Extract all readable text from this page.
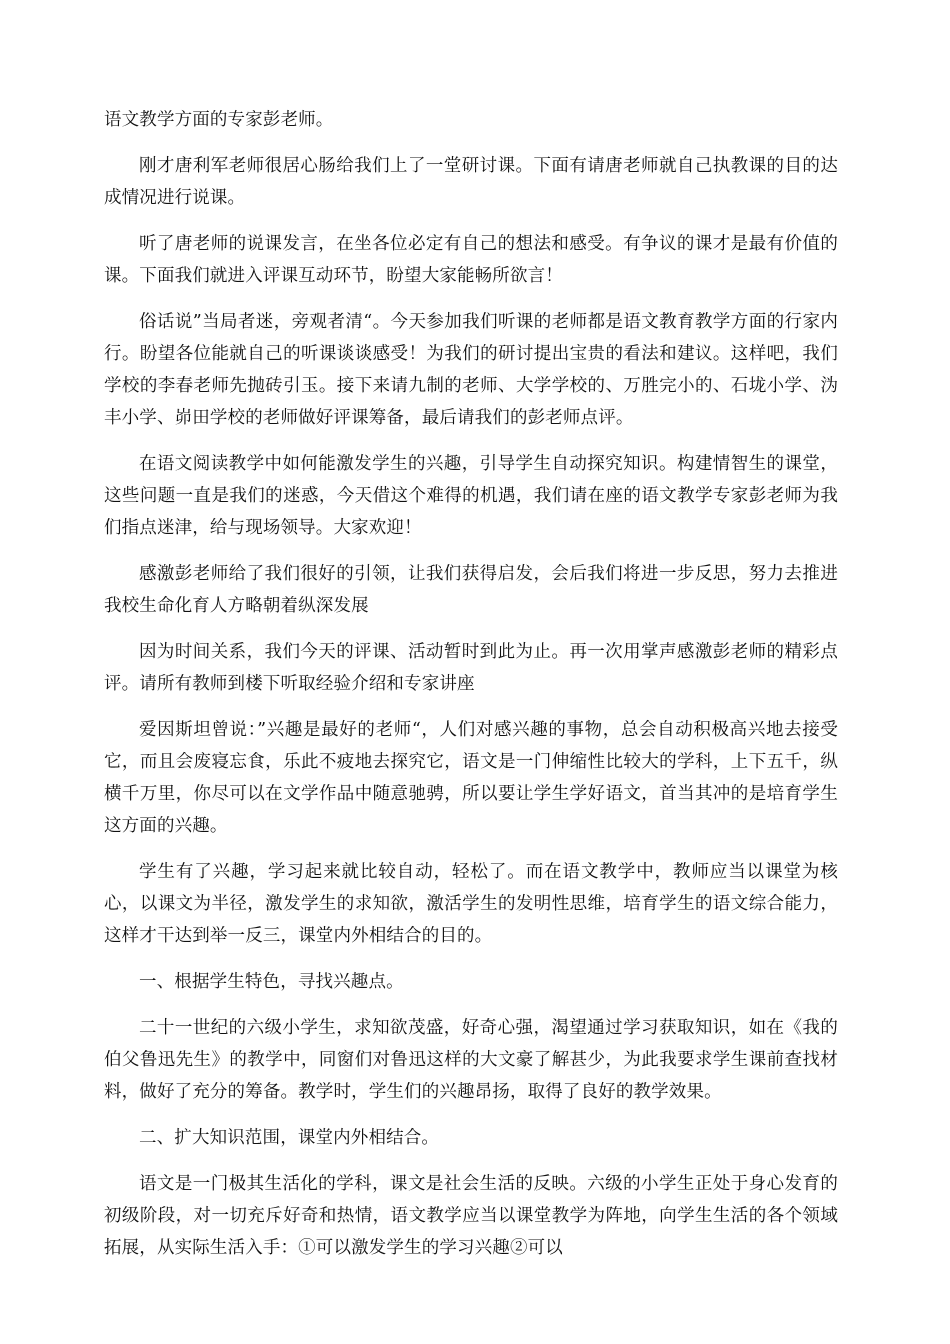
语文教学方面的专家彭老师。

刚才唐利军老师很居心肠给我们上了一堂研讨课。下面有请唐老师就自己执教课的目的达成情况进行说课。

听了唐老师的说课发言，在坐各位必定有自己的想法和感受。有争议的课才是最有价值的课。下面我们就进入评课互动环节，盼望大家能畅所欲言！

俗话说”当局者迷，旁观者清“。今天参加我们听课的老师都是语文教育教学方面的行家内行。盼望各位能就自己的听课谈谈感受！为我们的研讨提出宝贵的看法和建议。这样吧，我们学校的李春老师先抛砖引玉。接下来请九制的老师、大学学校的、万胜完小的、石垅小学、沩丰小学、峁田学校的老师做好评课筹备，最后请我们的彭老师点评。

在语文阅读教学中如何能激发学生的兴趣，引导学生自动探究知识。构建情智生的课堂，这些问题一直是我们的迷惑，今天借这个难得的机遇，我们请在座的语文教学专家彭老师为我们指点迷津，给与现场领导。大家欢迎！

感激彭老师给了我们很好的引领，让我们获得启发，会后我们将进一步反思，努力去推进我校生命化育人方略朝着纵深发展

因为时间关系，我们今天的评课、活动暂时到此为止。再一次用掌声感激彭老师的精彩点评。请所有教师到楼下听取经验介绍和专家讲座

爱因斯坦曾说：”兴趣是最好的老师“，人们对感兴趣的事物，总会自动积极高兴地去接受它，而且会废寝忘食，乐此不疲地去探究它，语文是一门伸缩性比较大的学科，上下五千，纵横千万里，你尽可以在文学作品中随意驰骋，所以要让学生学好语文，首当其冲的是培育学生这方面的兴趣。

学生有了兴趣，学习起来就比较自动，轻松了。而在语文教学中，教师应当以课堂为核心，以课文为半径，激发学生的求知欲，激活学生的发明性思维，培育学生的语文综合能力，这样才干达到举一反三，课堂内外相结合的目的。

一、根据学生特色，寻找兴趣点。

二十一世纪的六级小学生，求知欲茂盛，好奇心强，渴望通过学习获取知识，如在《我的伯父鲁迅先生》的教学中，同窗们对鲁迅这样的大文豪了解甚少，为此我要求学生课前查找材料，做好了充分的筹备。教学时，学生们的兴趣昂扬，取得了良好的教学效果。

二、扩大知识范围，课堂内外相结合。

语文是一门极其生活化的学科，课文是社会生活的反映。六级的小学生正处于身心发育的初级阶段，对一切充斥好奇和热情，语文教学应当以课堂教学为阵地，向学生生活的各个领域拓展，从实际生活入手：①可以激发学生的学习兴趣②可以
